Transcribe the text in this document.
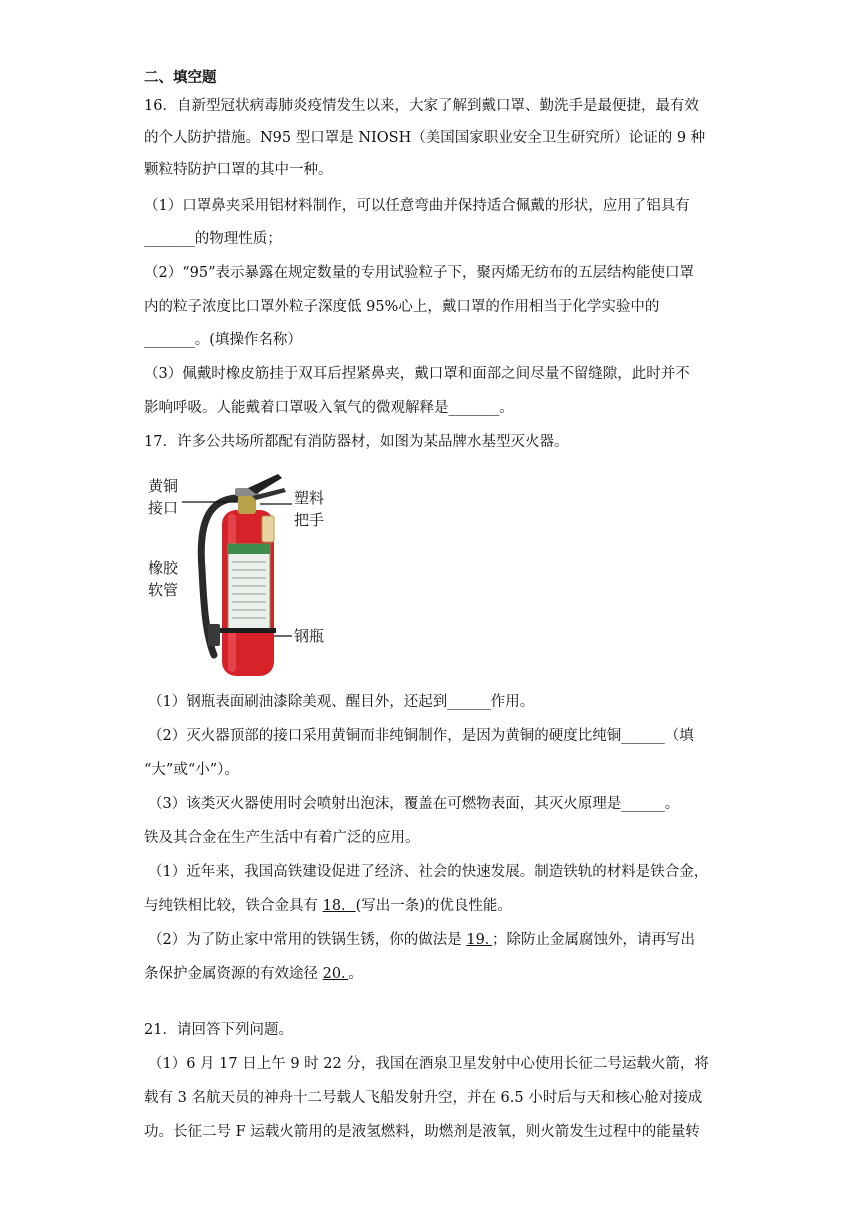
二、填空题
16．自新型冠状病毒肺炎疫情发生以来，大家了解到戴口罩、勤洗手是最便捷，最有效
的个人防护措施。N95 型口罩是 NIOSH（美国国家职业安全卫生研究所）论证的 9 种
颗粒特防护口罩的其中一种。
（1）口罩鼻夹采用铝材料制作，可以任意弯曲并保持适合佩戴的形状，应用了铝具有
_______的物理性质；
（2）“95”表示暴露在规定数量的专用试验粒子下，聚丙烯无纺布的五层结构能使口罩
内的粒子浓度比口罩外粒子深度低 95%心上，戴口罩的作用相当于化学实验中的
_______。(填操作名称）
（3）佩戴时橡皮筋挂于双耳后捏紧鼻夹，戴口罩和面部之间尽量不留缝隙，此时并不
影响呼吸。人能戴着口罩吸入氧气的微观解释是_______。
17．许多公共场所都配有消防器材，如图为某品牌水基型灭火器。
黄铜
接口
塑料
把手
橡胶
软管
钢瓶
（1）钢瓶表面刷油漆除美观、醒目外，还起到______作用。
（2）灭火器顶部的接口采用黄铜而非纯铜制作，是因为黄铜的硬度比纯铜______（填
“大”或“小”）。
（3）该类灭火器使用时会喷射出泡沫，覆盖在可燃物表面，其灭火原理是______。
铁及其合金在生产生活中有着广泛的应用。
（1）近年来，我国高铁建设促进了经济、社会的快速发展。制造铁轨的材料是铁合金，
与纯铁相比较，铁合金具有 18．(写出一条)的优良性能。
（2）为了防止家中常用的铁锅生锈，你的做法是 19．；除防止金属腐蚀外，请再写出
条保护金属资源的有效途径 20．。
21．请回答下列问题。
（1）6 月 17 日上午 9 时 22 分，我国在酒泉卫星发射中心使用长征二号运载火箭，将
载有 3 名航天员的神舟十二号载人飞船发射升空，并在 6.5 小时后与天和核心舱对接成
功。长征二号 F 运载火箭用的是液氢燃料，助燃剂是液氧，则火箭发生过程中的能量转
